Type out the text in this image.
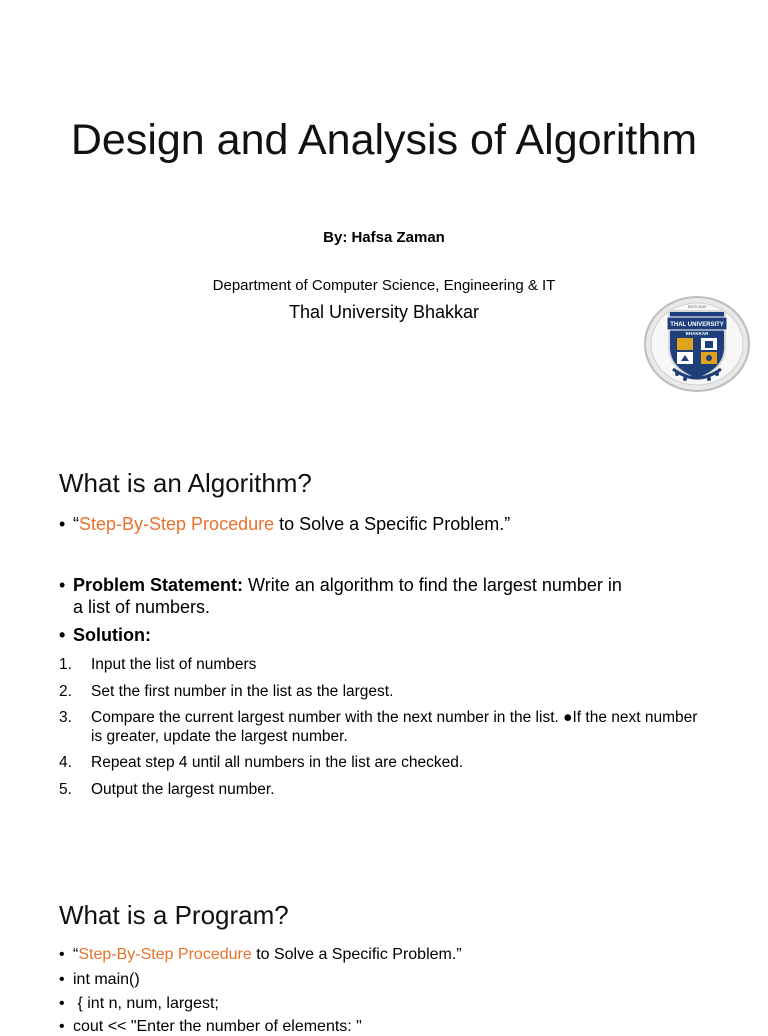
Design and Analysis of Algorithm
By: Hafsa Zaman
Department of Computer Science, Engineering & IT
Thal University Bhakkar
THAL UNIVERSITY
BHAKKAR
ESTD 2019
What is an Algorithm?
• “Step-By-Step Procedure to Solve a Specific Problem.”
• Problem Statement: Write an algorithm to find the largest number in
a list of numbers.
• Solution:
1. Input the list of numbers
2. Set the first number in the list as the largest.
3. Compare the current largest number with the next number in the list. ●If the next number is greater, update the largest number.
4. Repeat step 4 until all numbers in the list are checked.
5. Output the largest number.
What is a Program?
• “Step-By-Step Procedure to Solve a Specific Problem.”
• int main()
• { int n, num, largest;
• cout << "Enter the number of elements: "
